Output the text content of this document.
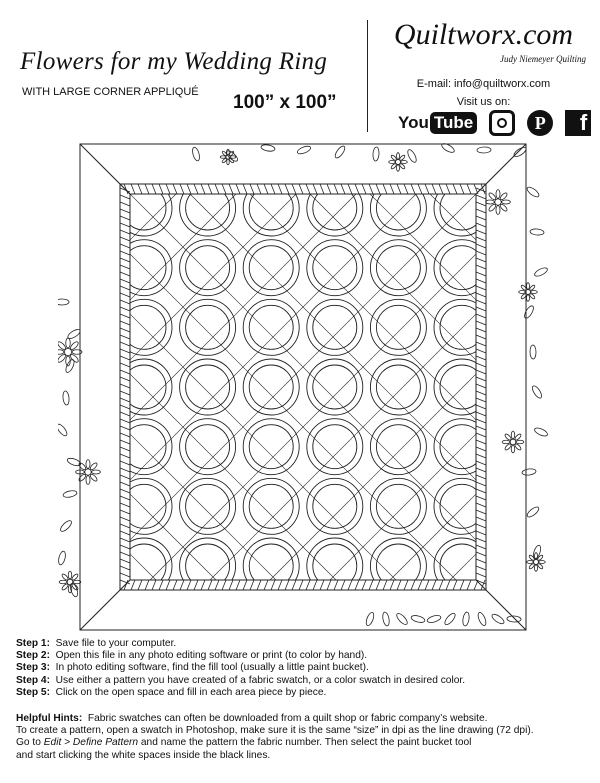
Flowers for my Wedding Ring
WITH LARGE CORNER APPLIQUÉ 100” x 100”
Quiltworx.com
Judy Niemeyer Quilting
E-mail: info@quiltworx.com
Visit us on:
You Tube	P	f
Step 1: Save file to your computer.
Step 2: Open this file in any photo editing software or print (to color by hand).
Step 3: In photo editing software, find the fill tool (usually a little paint bucket).
Step 4: Use either a pattern you have created of a fabric swatch, or a color swatch in desired color.
Step 5: Click on the open space and fill in each area piece by piece.
Helpful Hints: Fabric swatches can often be downloaded from a quilt shop or fabric company’s website.
To create a pattern, open a swatch in Photoshop, make sure it is the same “size” in dpi as the line drawing (72 dpi).
Go to Edit > Define Pattern and name the pattern the fabric number. Then select the paint bucket tool
and start clicking the white spaces inside the black lines.
